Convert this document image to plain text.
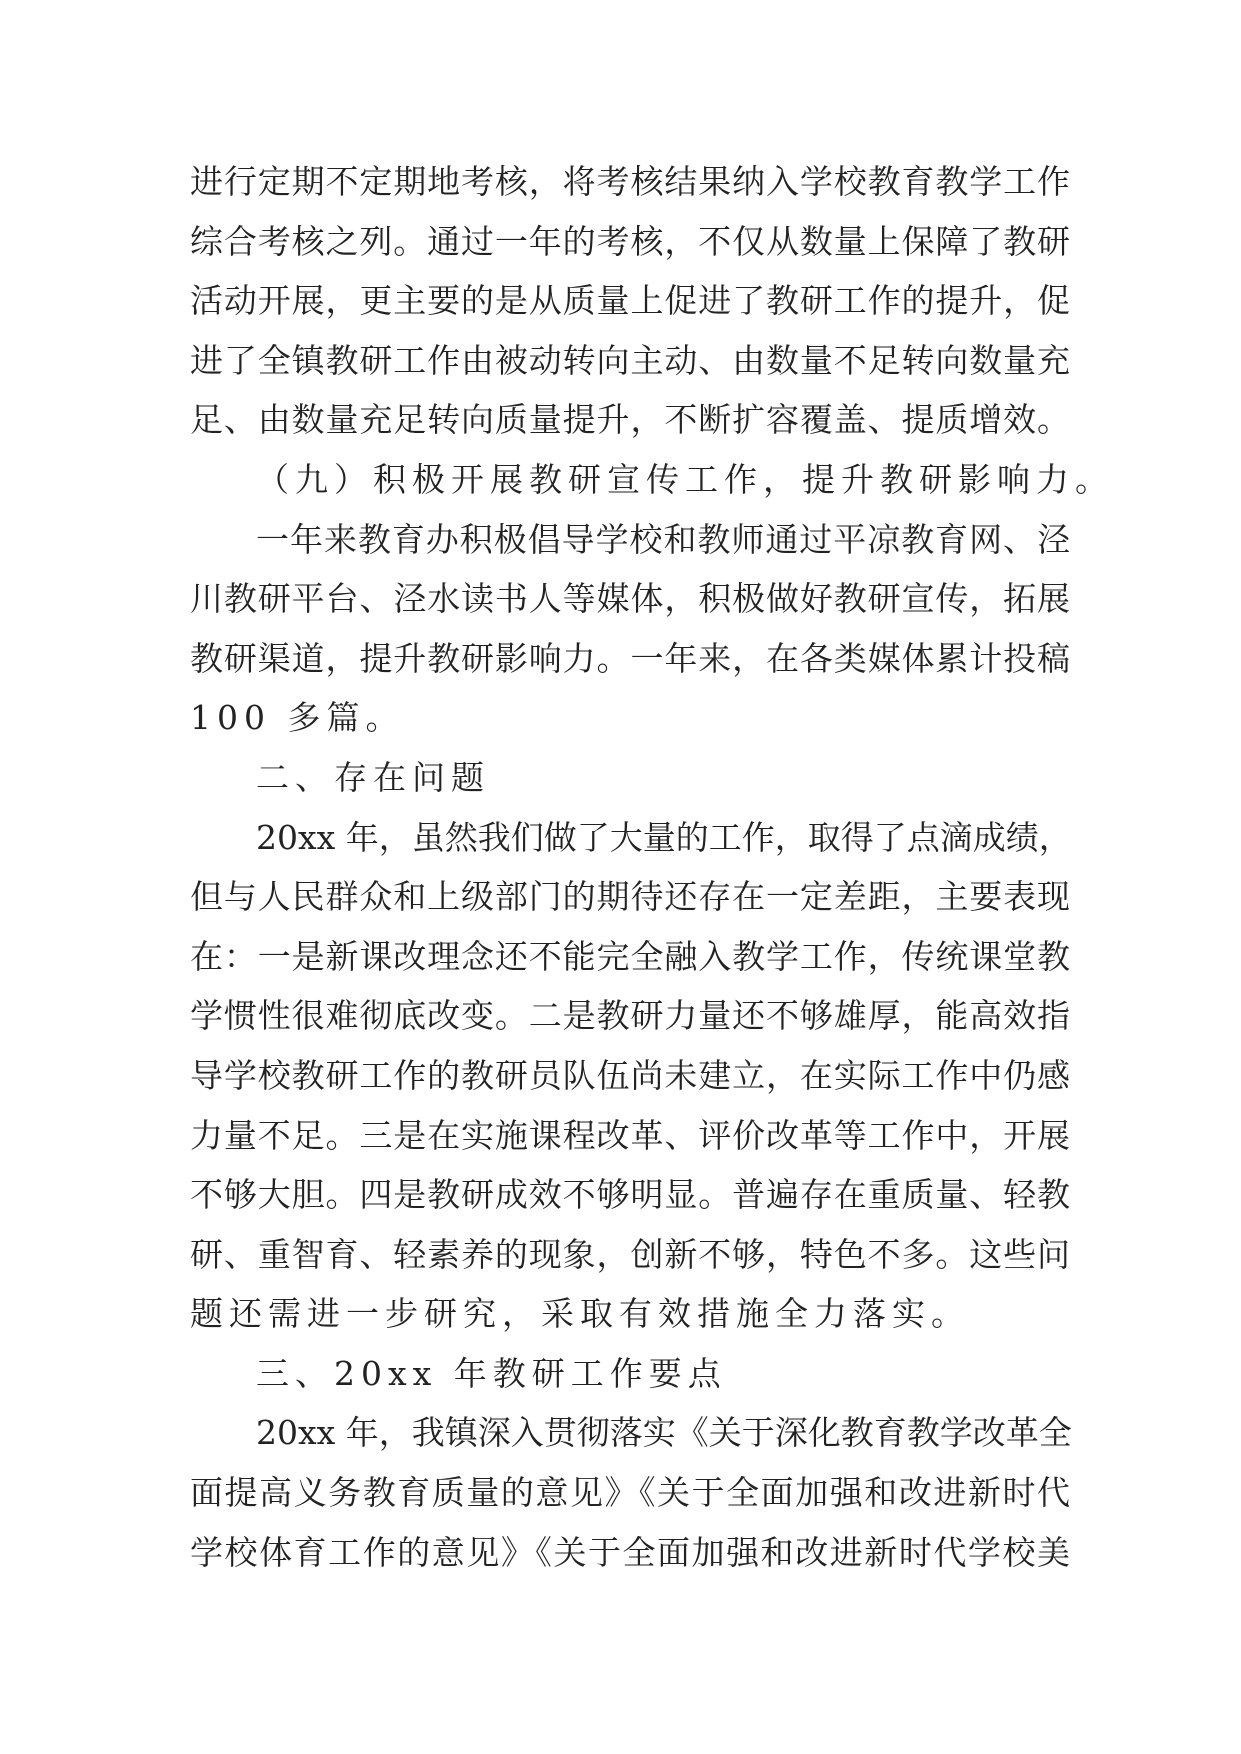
进行定期不定期地考核，将考核结果纳入学校教育教学工作
综合考核之列。通过一年的考核，不仅从数量上保障了教研
活动开展，更主要的是从质量上促进了教研工作的提升，促
进了全镇教研工作由被动转向主动、由数量不足转向数量充
足、由数量充足转向质量提升，不断扩容覆盖、提质增效。
（九）积极开展教研宣传工作，提升教研影响力。
一年来教育办积极倡导学校和教师通过平凉教育网、泾
川教研平台、泾水读书人等媒体，积极做好教研宣传，拓展
教研渠道，提升教研影响力。一年来，在各类媒体累计投稿
100 多篇。
二、存在问题
20xx 年，虽然我们做了大量的工作，取得了点滴成绩，
但与人民群众和上级部门的期待还存在一定差距，主要表现
在：一是新课改理念还不能完全融入教学工作，传统课堂教
学惯性很难彻底改变。二是教研力量还不够雄厚，能高效指
导学校教研工作的教研员队伍尚未建立，在实际工作中仍感
力量不足。三是在实施课程改革、评价改革等工作中，开展
不够大胆。四是教研成效不够明显。普遍存在重质量、轻教
研、重智育、轻素养的现象，创新不够，特色不多。这些问
题还需进一步研究，采取有效措施全力落实。
三、20xx 年教研工作要点
20xx 年，我镇深入贯彻落实《关于深化教育教学改革全
面提高义务教育质量的意见》《关于全面加强和改进新时代
学校体育工作的意见》《关于全面加强和改进新时代学校美
